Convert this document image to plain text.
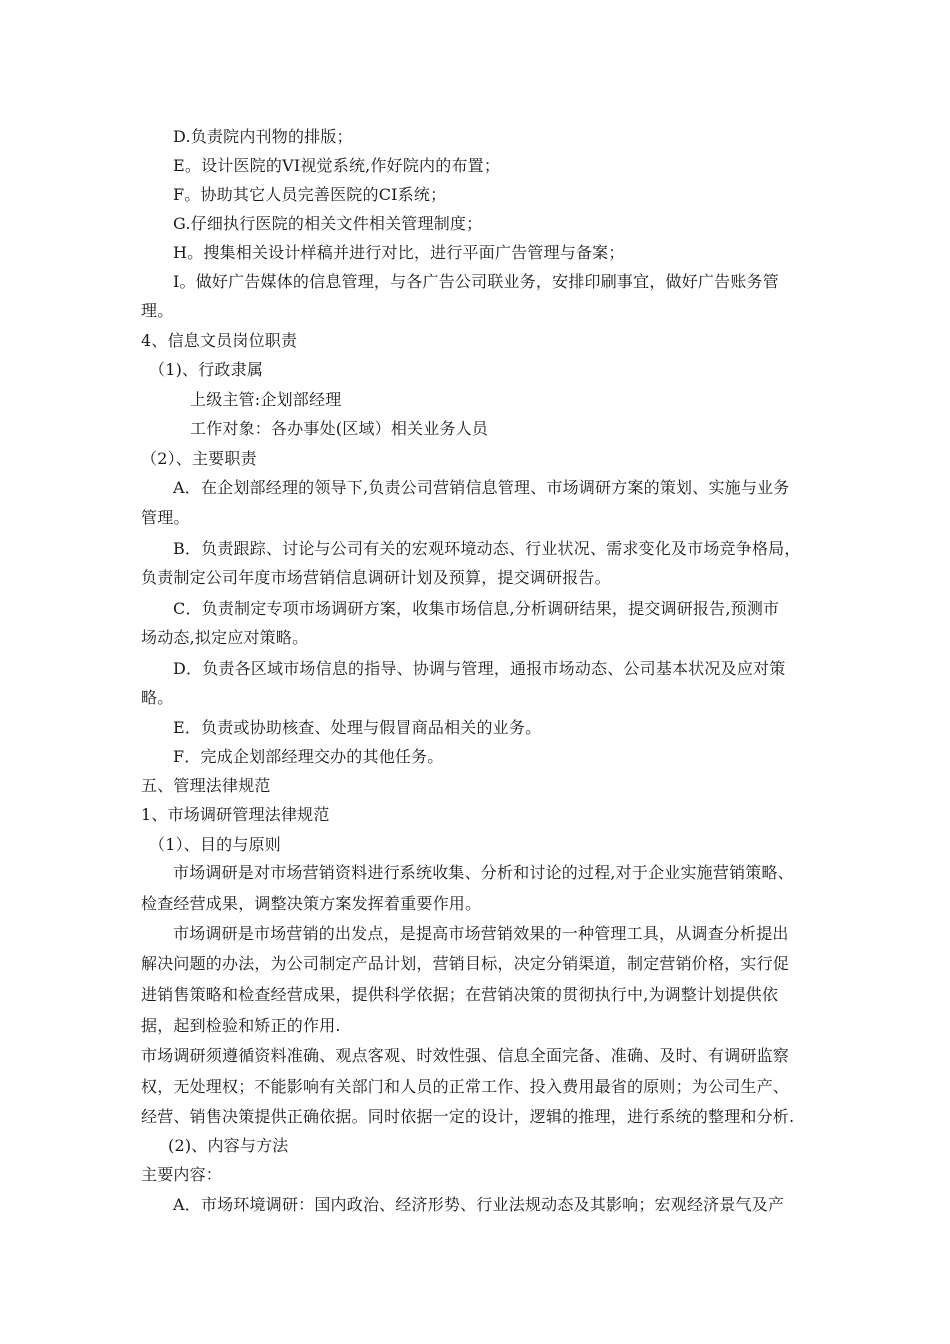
D.负责院内刊物的排版；
E。设计医院的VI视觉系统,作好院内的布置；
F。协助其它人员完善医院的CI系统；
G.仔细执行医院的相关文件相关管理制度；
H。搜集相关设计样稿并进行对比，进行平面广告管理与备案；
I。做好广告媒体的信息管理，与各广告公司联业务，安排印刷事宜，做好广告账务管
理。
4、信息文员岗位职责
（1)、行政隶属
上级主管:企划部经理
工作对象：各办事处(区域）相关业务人员
（2）、主要职责
A．在企划部经理的领导下,负责公司营销信息管理、市场调研方案的策划、实施与业务
管理。
B．负责跟踪、讨论与公司有关的宏观环境动态、行业状况、需求变化及市场竞争格局，
负责制定公司年度市场营销信息调研计划及预算，提交调研报告。
C．负责制定专项市场调研方案，收集市场信息,分析调研结果，提交调研报告,预测市
场动态,拟定应对策略。
D．负责各区域市场信息的指导、协调与管理，通报市场动态、公司基本状况及应对策
略。
E．负责或协助核查、处理与假冒商品相关的业务。
F．完成企划部经理交办的其他任务。
五、管理法律规范
1、市场调研管理法律规范
（1）、目的与原则
市场调研是对市场营销资料进行系统收集、分析和讨论的过程,对于企业实施营销策略、
检查经营成果，调整决策方案发挥着重要作用。
市场调研是市场营销的出发点，是提高市场营销效果的一种管理工具，从调查分析提出
解决问题的办法，为公司制定产品计划，营销目标，决定分销渠道，制定营销价格，实行促
进销售策略和检查经营成果，提供科学依据；在营销决策的贯彻执行中,为调整计划提供依
据，起到检验和矫正的作用.
市场调研须遵循资料准确、观点客观、时效性强、信息全面完备、准确、及时、有调研监察
权，无处理权；不能影响有关部门和人员的正常工作、投入费用最省的原则；为公司生产、
经营、销售决策提供正确依据。同时依据一定的设计，逻辑的推理，进行系统的整理和分析.
(2)、内容与方法
主要内容：
A．市场环境调研：国内政治、经济形势、行业法规动态及其影响；宏观经济景气及产
